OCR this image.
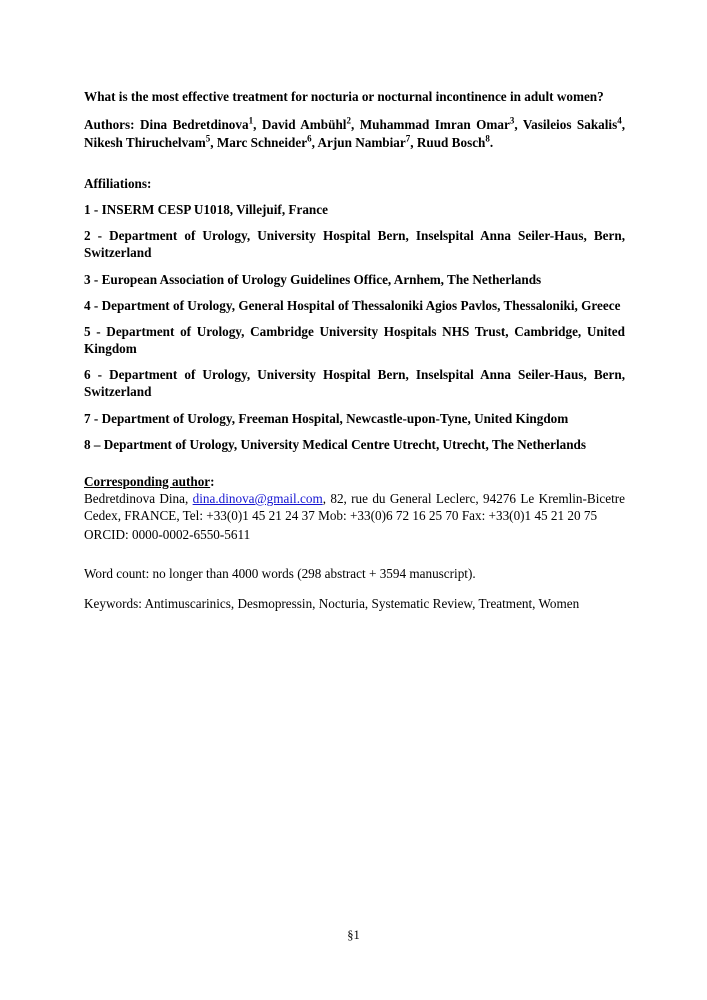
What is the most effective treatment for nocturia or nocturnal incontinence in adult women?

Authors: Dina Bedretdinova$^1$, David Ambühl$^2$, Muhammad Imran Omar$^3$, Vasileios Sakalis$^4$, Nikesh Thiruchelvam$^5$, Marc Schneider$^6$, Arjun Nambiar$^7$, Ruud Bosch$^8$.

Affiliations:

1 - INSERM CESP U1018, Villejuif, France

2 - Department of Urology, University Hospital Bern, Inselspital Anna Seiler-Haus, Bern, Switzerland

3 - European Association of Urology Guidelines Office, Arnhem, The Netherlands

4 - Department of Urology, General Hospital of Thessaloniki Agios Pavlos, Thessaloniki, Greece

5 - Department of Urology, Cambridge University Hospitals NHS Trust, Cambridge, United Kingdom

6 - Department of Urology, University Hospital Bern, Inselspital Anna Seiler-Haus, Bern, Switzerland

7 - Department of Urology, Freeman Hospital, Newcastle-upon-Tyne, United Kingdom

8 – Department of Urology, University Medical Centre Utrecht, Utrecht, The Netherlands

Corresponding author:

Bedretdinova Dina, dina.dinova@gmail.com, 82, rue du General Leclerc, 94276 Le Kremlin-Bicetre Cedex, FRANCE, Tel: +33(0)1 45 21 24 37 Mob: +33(0)6 72 16 25 70 Fax: +33(0)1 45 21 20 75

ORCID: 0000-0002-6550-5611

Word count: no longer than 4000 words (298 abstract + 3594 manuscript).

Keywords: Antimuscarinics, Desmopressin, Nocturia, Systematic Review, Treatment, Women

§1
